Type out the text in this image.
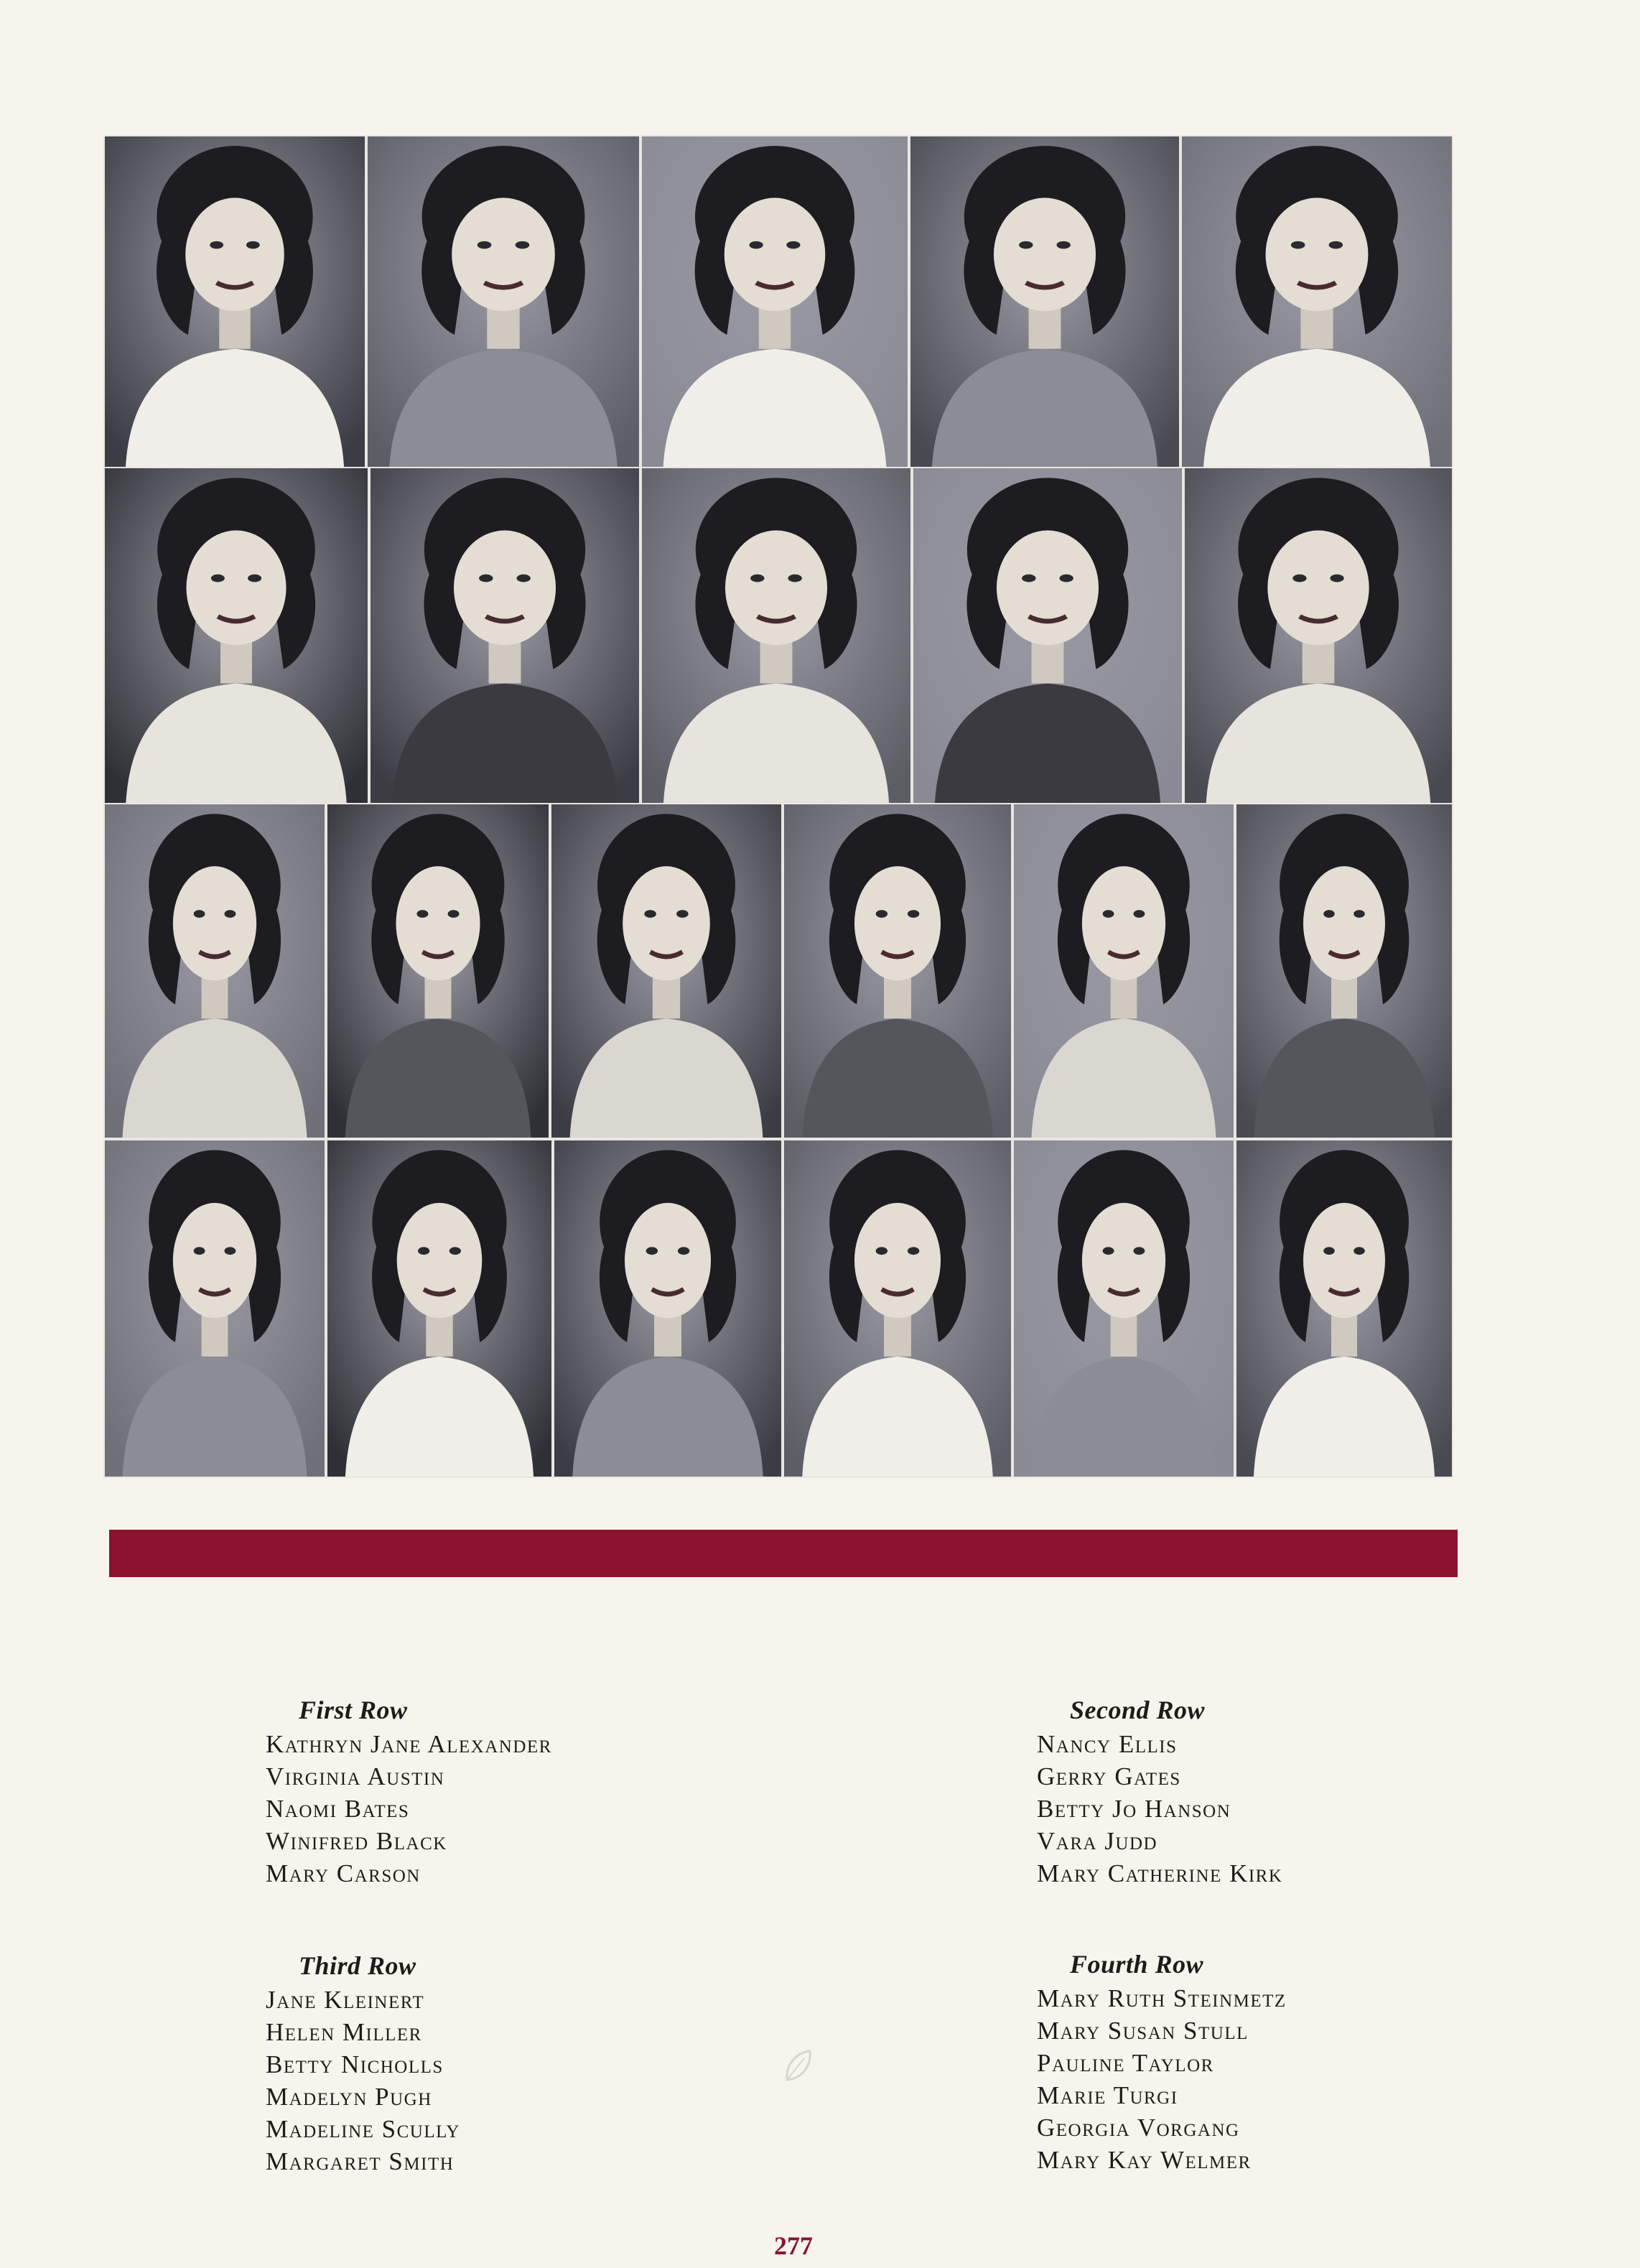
First Row
Kathryn Jane Alexander
Virginia Austin
Naomi Bates
Winifred Black
Mary Carson
Second Row
Nancy Ellis
Gerry Gates
Betty Jo Hanson
Vara Judd
Mary Catherine Kirk
Third Row
Jane Kleinert
Helen Miller
Betty Nicholls
Madelyn Pugh
Madeline Scully
Margaret Smith
Fourth Row
Mary Ruth Steinmetz
Mary Susan Stull
Pauline Taylor
Marie Turgi
Georgia Vorgang
Mary Kay Welmer
277
